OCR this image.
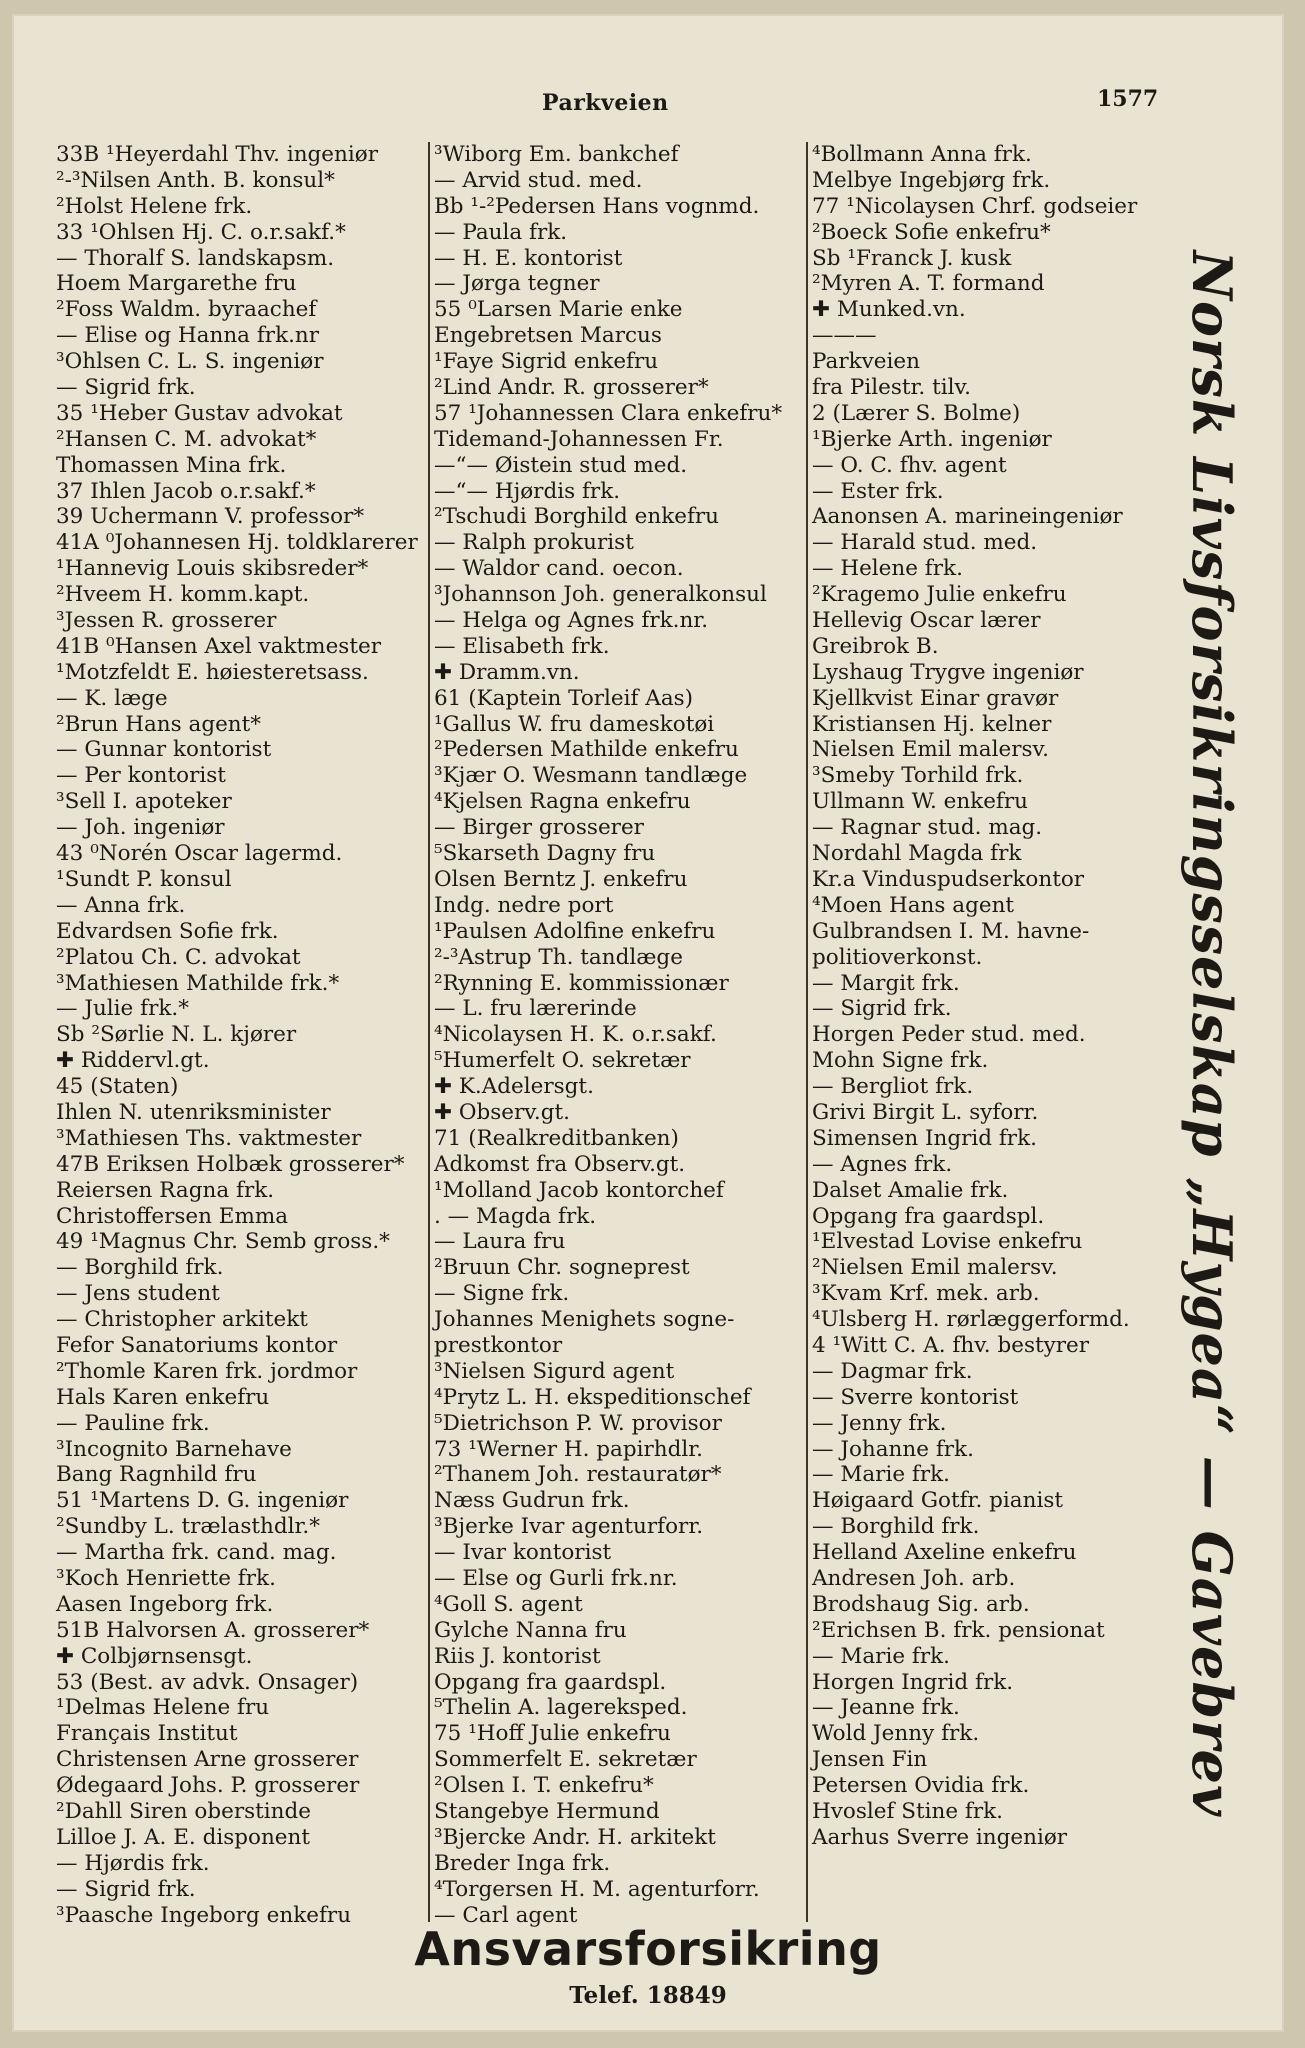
Parkveien	1577
33B ¹Heyerdahl Thv. ingeniør
²‑³Nilsen Anth. B. konsul*
²Holst Helene frk.
33 ¹Ohlsen Hj. C. o.r.sakf.*
— Thoralf S. landskapsm.
Hoem Margarethe fru
²Foss Waldm. byraachef
— Elise og Hanna frk.nr
³Ohlsen C. L. S. ingeniør
— Sigrid frk.
35 ¹Heber Gustav advokat
²Hansen C. M. advokat*
Thomassen Mina frk.
37 Ihlen Jacob o.r.sakf.*
39 Uchermann V. professor*
41A ⁰Johannesen Hj. toldklarerer
¹Hannevig Louis skibsreder*
²Hveem H. komm.kapt.
³Jessen R. grosserer
41B ⁰Hansen Axel vaktmester
¹Motzfeldt E. høiesteretsass.
— K. læge
²Brun Hans agent*
— Gunnar kontorist
— Per kontorist
³Sell I. apoteker
— Joh. ingeniør
43 ⁰Norén Oscar lagermd.
¹Sundt P. konsul
— Anna frk.
Edvardsen Sofie frk.
²Platou Ch. C. advokat
³Mathiesen Mathilde frk.*
— Julie frk.*
Sb ²Sørlie N. L. kjører
✚ Riddervl.gt.
45 (Staten)
Ihlen N. utenriksminister
³Mathiesen Ths. vaktmester
47B Eriksen Holbæk grosserer*
Reiersen Ragna frk.
Christoffersen Emma
49 ¹Magnus Chr. Semb gross.*
— Borghild frk.
— Jens student
— Christopher arkitekt
Fefor Sanatoriums kontor
²Thomle Karen frk. jordmor
Hals Karen enkefru
— Pauline frk.
³Incognito Barnehave
Bang Ragnhild fru
51 ¹Martens D. G. ingeniør
²Sundby L. trælasthdlr.*
— Martha frk. cand. mag.
³Koch Henriette frk.
Aasen Ingeborg frk.
51B Halvorsen A. grosserer*
✚ Colbjørnsensgt.
53 (Best. av advk. Onsager)
¹Delmas Helene fru
Français Institut
Christensen Arne grosserer
Ødegaard Johs. P. grosserer
²Dahll Siren oberstinde
Lilloe J. A. E. disponent
— Hjørdis frk.
— Sigrid frk.
³Paasche Ingeborg enkefru
³Wiborg Em. bankchef
— Arvid stud. med.
Bb ¹‑²Pedersen Hans vognmd.
— Paula frk.
— H. E. kontorist
— Jørga tegner
55 ⁰Larsen Marie enke
Engebretsen Marcus
¹Faye Sigrid enkefru
²Lind Andr. R. grosserer*
57 ¹Johannessen Clara enkefru*
Tidemand‑Johannessen Fr.
—“— Øistein stud med.
—“— Hjørdis frk.
²Tschudi Borghild enkefru
— Ralph prokurist
— Waldor cand. oecon.
³Johannson Joh. generalkonsul
— Helga og Agnes frk.nr.
— Elisabeth frk.
✚ Dramm.vn.
61 (Kaptein Torleif Aas)
¹Gallus W. fru dameskotøi
²Pedersen Mathilde enkefru
³Kjær O. Wesmann tandlæge
⁴Kjelsen Ragna enkefru
— Birger grosserer
⁵Skarseth Dagny fru
Olsen Berntz J. enkefru
Indg. nedre port
¹Paulsen Adolfine enkefru
²‑³Astrup Th. tandlæge
²Rynning E. kommissionær
— L. fru lærerinde
⁴Nicolaysen H. K. o.r.sakf.
⁵Humerfelt O. sekretær
✚ K.Adelersgt.
✚ Observ.gt.
71 (Realkreditbanken)
Adkomst fra Observ.gt.
¹Molland Jacob kontorchef
. — Magda frk.
— Laura fru
²Bruun Chr. sogneprest
— Signe frk.
Johannes Menighets sogne‑
prestkontor
³Nielsen Sigurd agent
⁴Prytz L. H. ekspeditionschef
⁵Dietrichson P. W. provisor
73 ¹Werner H. papirhdlr.
²Thanem Joh. restauratør*
Næss Gudrun frk.
³Bjerke Ivar agenturforr.
— Ivar kontorist
— Else og Gurli frk.nr.
⁴Goll S. agent
Gylche Nanna fru
Riis J. kontorist
Opgang fra gaardspl.
⁵Thelin A. lagereksped.
75 ¹Hoff Julie enkefru
Sommerfelt E. sekretær
²Olsen I. T. enkefru*
Stangebye Hermund
³Bjercke Andr. H. arkitekt
Breder Inga frk.
⁴Torgersen H. M. agenturforr.
— Carl agent
⁴Bollmann Anna frk.
Melbye Ingebjørg frk.
77 ¹Nicolaysen Chrf. godseier
²Boeck Sofie enkefru*
Sb ¹Franck J. kusk
²Myren A. T. formand
✚ Munked.vn.
———
Parkveien
fra Pilestr. tilv.
2 (Lærer S. Bolme)
¹Bjerke Arth. ingeniør
— O. C. fhv. agent
— Ester frk.
Aanonsen A. marineingeniør
— Harald stud. med.
— Helene frk.
²Kragemo Julie enkefru
Hellevig Oscar lærer
Greibrok B.
Lyshaug Trygve ingeniør
Kjellkvist Einar gravør
Kristiansen Hj. kelner
Nielsen Emil malersv.
³Smeby Torhild frk.
Ullmann W. enkefru
— Ragnar stud. mag.
Nordahl Magda frk
Kr.a Vinduspudserkontor
⁴Moen Hans agent
Gulbrandsen I. M. havne‑
politioverkonst.
— Margit frk.
— Sigrid frk.
Horgen Peder stud. med.
Mohn Signe frk.
— Bergliot frk.
Grivi Birgit L. syforr.
Simensen Ingrid frk.
— Agnes frk.
Dalset Amalie frk.
Opgang fra gaardspl.
¹Elvestad Lovise enkefru
²Nielsen Emil malersv.
³Kvam Krf. mek. arb.
⁴Ulsberg H. rørlæggerformd.
4 ¹Witt C. A. fhv. bestyrer
— Dagmar frk.
— Sverre kontorist
— Jenny frk.
— Johanne frk.
— Marie frk.
Høigaard Gotfr. pianist
— Borghild frk.
Helland Axeline enkefru
Andresen Joh. arb.
Brodshaug Sig. arb.
²Erichsen B. frk. pensionat
— Marie frk.
Horgen Ingrid frk.
— Jeanne frk.
Wold Jenny frk.
Jensen Fin
Petersen Ovidia frk.
Hvoslef Stine frk.
Aarhus Sverre ingeniør
Norsk Livsforsikringsselskap „Hygea“ — Gavebrev
Ansvarsforsikring
Telef. 18849
